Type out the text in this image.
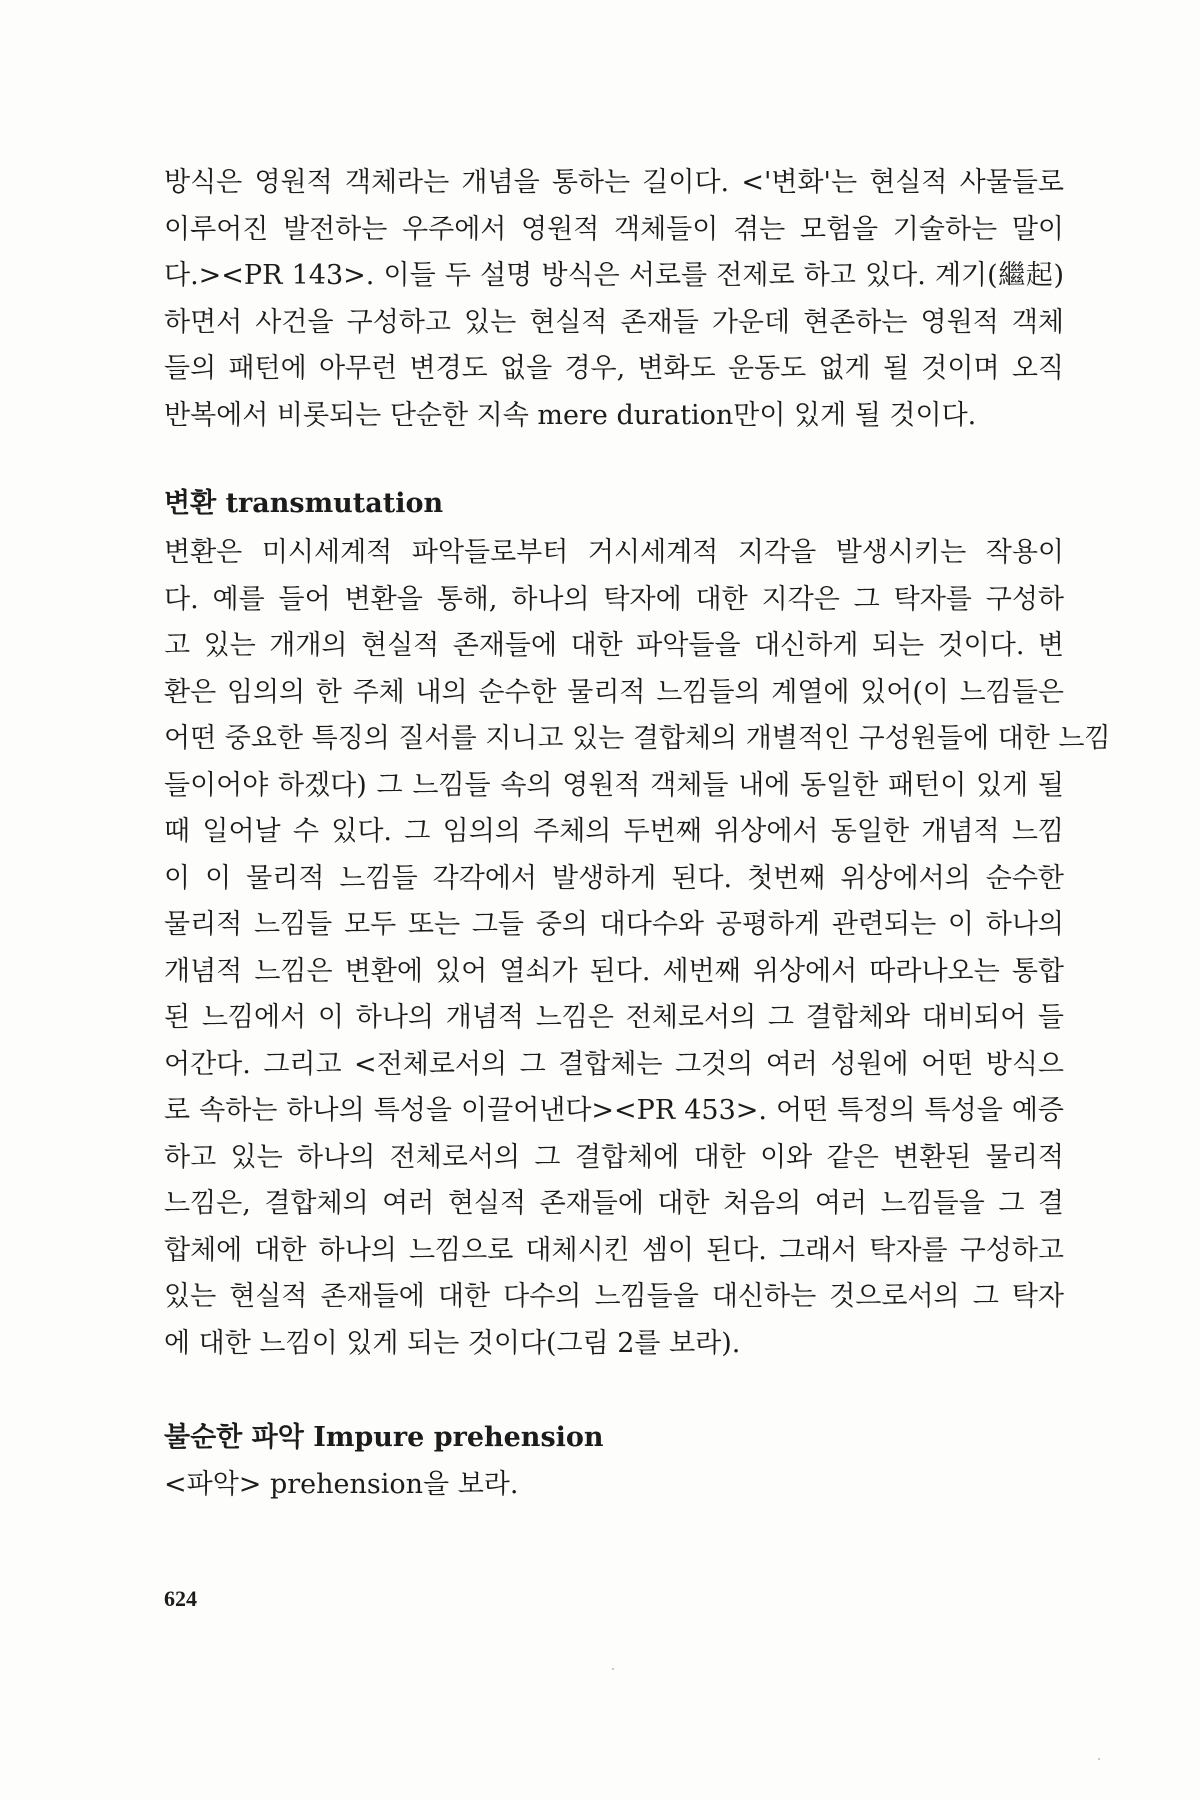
방식은 영원적 객체라는 개념을 통하는 길이다. <'변화'는 현실적 사물들로
이루어진 발전하는 우주에서 영원적 객체들이 겪는 모험을 기술하는 말이
다.><PR 143>. 이들 두 설명 방식은 서로를 전제로 하고 있다. 계기(繼起)
하면서 사건을 구성하고 있는 현실적 존재들 가운데 현존하는 영원적 객체
들의 패턴에 아무런 변경도 없을 경우, 변화도 운동도 없게 될 것이며 오직
반복에서 비롯되는 단순한 지속 mere duration만이 있게 될 것이다.
변환 transmutation
변환은 미시세계적 파악들로부터 거시세계적 지각을 발생시키는 작용이
다. 예를 들어 변환을 통해, 하나의 탁자에 대한 지각은 그 탁자를 구성하
고 있는 개개의 현실적 존재들에 대한 파악들을 대신하게 되는 것이다. 변
환은 임의의 한 주체 내의 순수한 물리적 느낌들의 계열에 있어(이 느낌들은
어떤 중요한 특징의 질서를 지니고 있는 결합체의 개별적인 구성원들에 대한 느낌
들이어야 하겠다) 그 느낌들 속의 영원적 객체들 내에 동일한 패턴이 있게 될
때 일어날 수 있다. 그 임의의 주체의 두번째 위상에서 동일한 개념적 느낌
이 이 물리적 느낌들 각각에서 발생하게 된다. 첫번째 위상에서의 순수한
물리적 느낌들 모두 또는 그들 중의 대다수와 공평하게 관련되는 이 하나의
개념적 느낌은 변환에 있어 열쇠가 된다. 세번째 위상에서 따라나오는 통합
된 느낌에서 이 하나의 개념적 느낌은 전체로서의 그 결합체와 대비되어 들
어간다. 그리고 <전체로서의 그 결합체는 그것의 여러 성원에 어떤 방식으
로 속하는 하나의 특성을 이끌어낸다><PR 453>. 어떤 특정의 특성을 예증
하고 있는 하나의 전체로서의 그 결합체에 대한 이와 같은 변환된 물리적
느낌은, 결합체의 여러 현실적 존재들에 대한 처음의 여러 느낌들을 그 결
합체에 대한 하나의 느낌으로 대체시킨 셈이 된다. 그래서 탁자를 구성하고
있는 현실적 존재들에 대한 다수의 느낌들을 대신하는 것으로서의 그 탁자
에 대한 느낌이 있게 되는 것이다(그림 2를 보라).
불순한 파악 Impure prehension
<파악> prehension을 보라.
624
